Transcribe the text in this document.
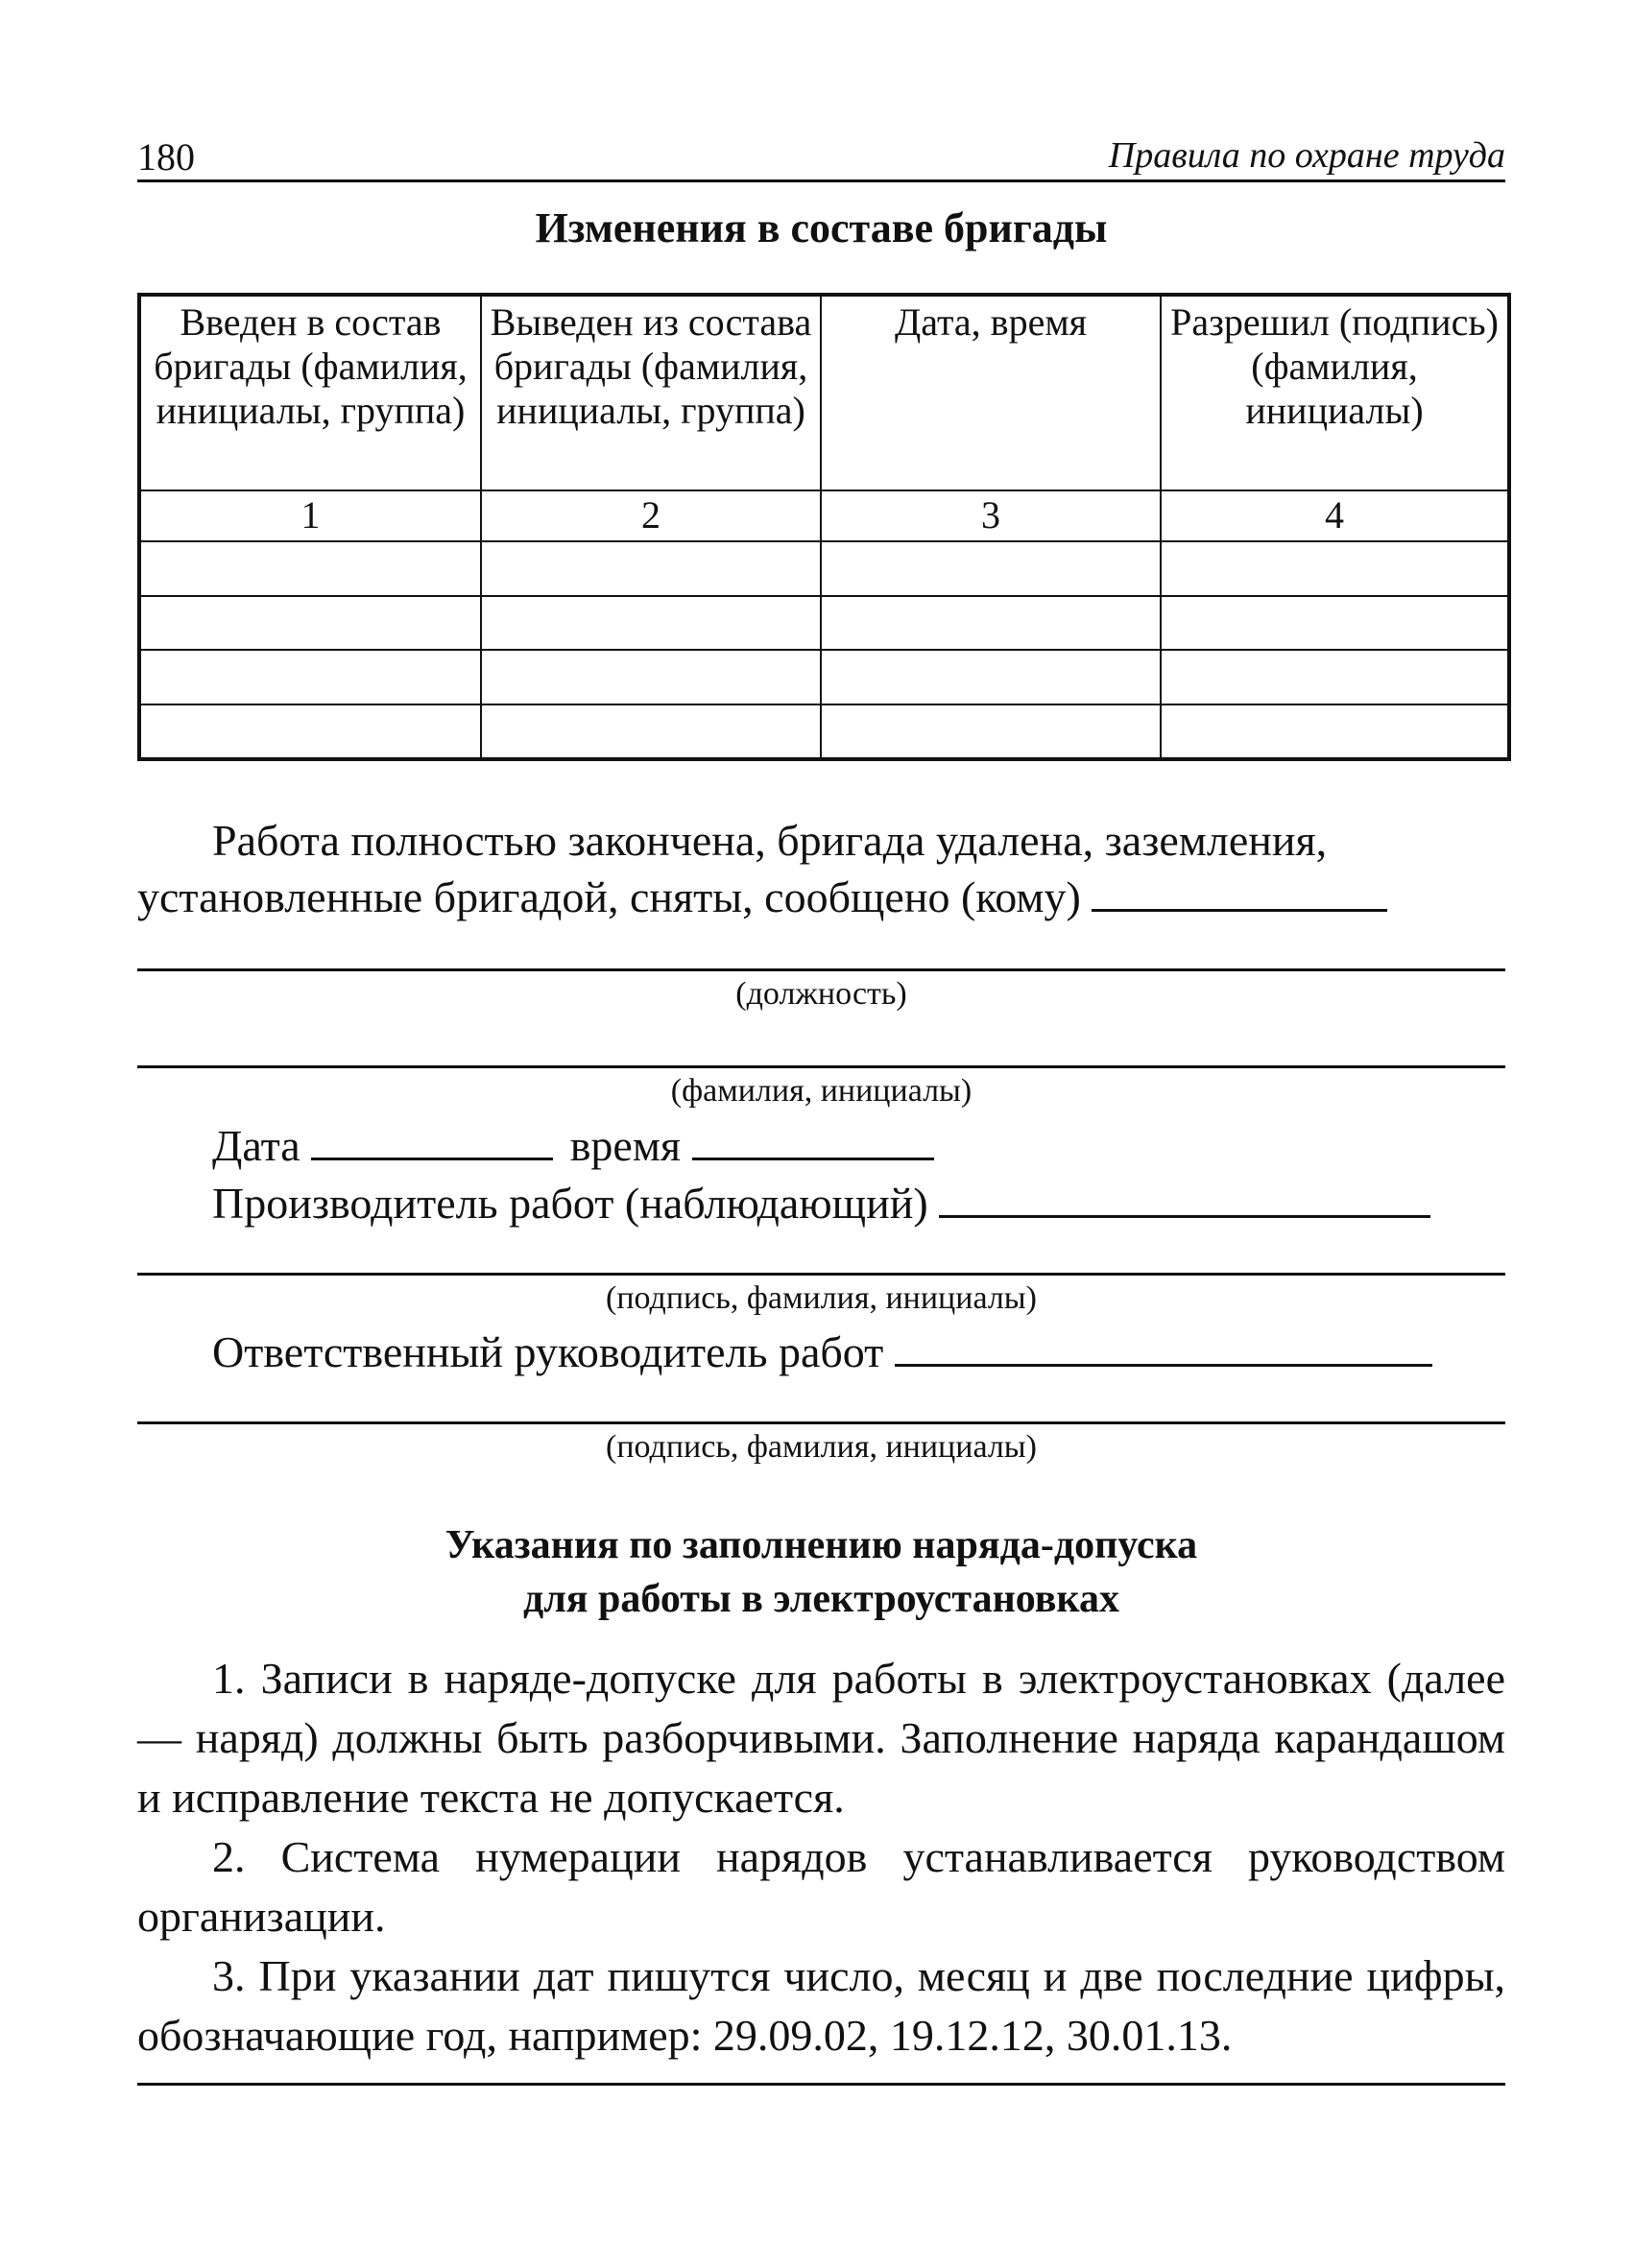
180	Правила по охране труда
Изменения в составе бригады
Введен в состав бригады (фамилия, инициалы, группа)	Выведен из состава бригады (фамилия, инициалы, группа)	Дата, время	Разрешил (подпись) (фамилия, инициалы)
1	2	3	4

Работа полностью закончена, бригада удалена, заземления,
установленные бригадой, сняты, сообщено (кому)
(должность)
(фамилия, инициалы)
Дата	время
Производитель работ (наблюдающий)
(подпись, фамилия, инициалы)
Ответственный руководитель работ
(подпись, фамилия, инициалы)
Указания по заполнению наряда-допуска
для работы в электроустановках
1. Записи в наряде-допуске для работы в электроустановках (далее — наряд) должны быть разборчивыми. Заполнение наряда карандашом и исправление текста не допускается.
2. Система нумерации нарядов устанавливается руководством организации.
3. При указании дат пишутся число, месяц и две последние цифры, обозначающие год, например: 29.09.02, 19.12.12, 30.01.13.
